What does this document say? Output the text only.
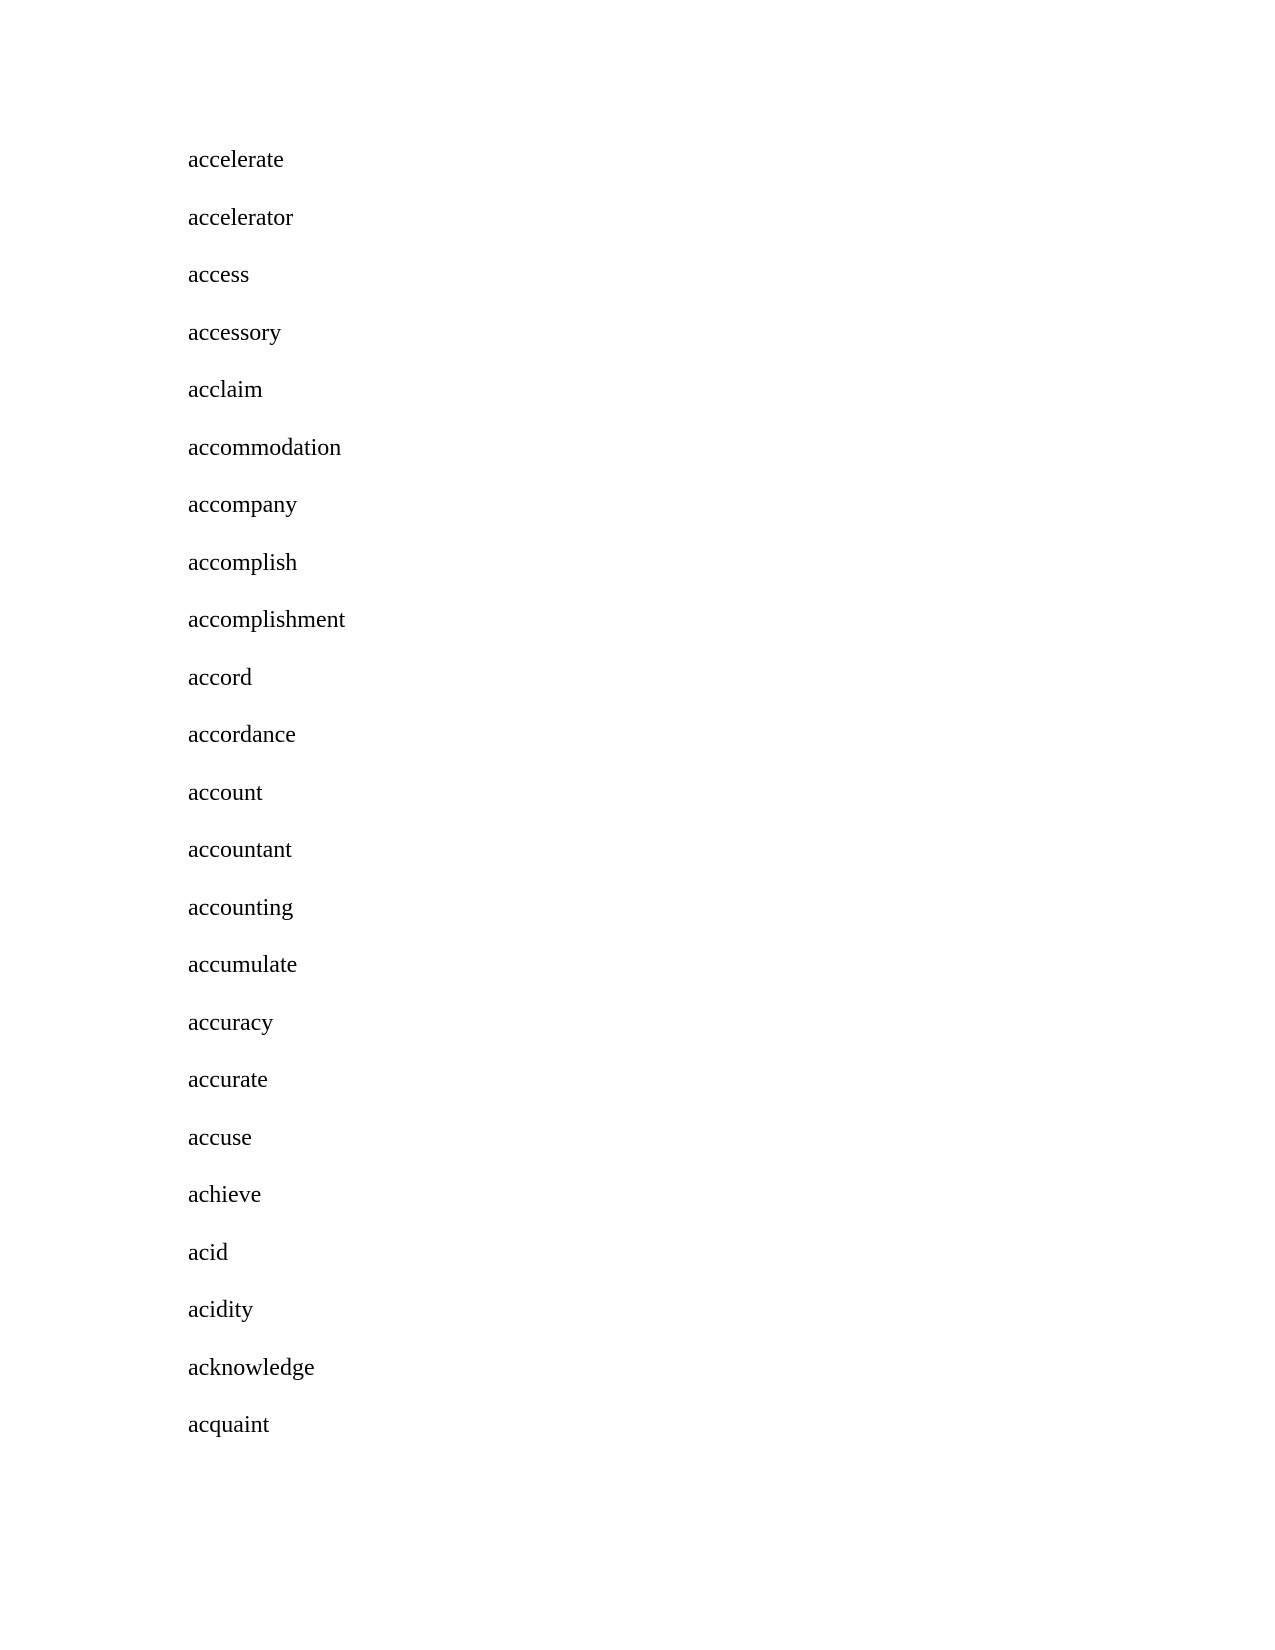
accelerate
accelerator
access
accessory
acclaim
accommodation
accompany
accomplish
accomplishment
accord
accordance
account
accountant
accounting
accumulate
accuracy
accurate
accuse
achieve
acid
acidity
acknowledge
acquaint
